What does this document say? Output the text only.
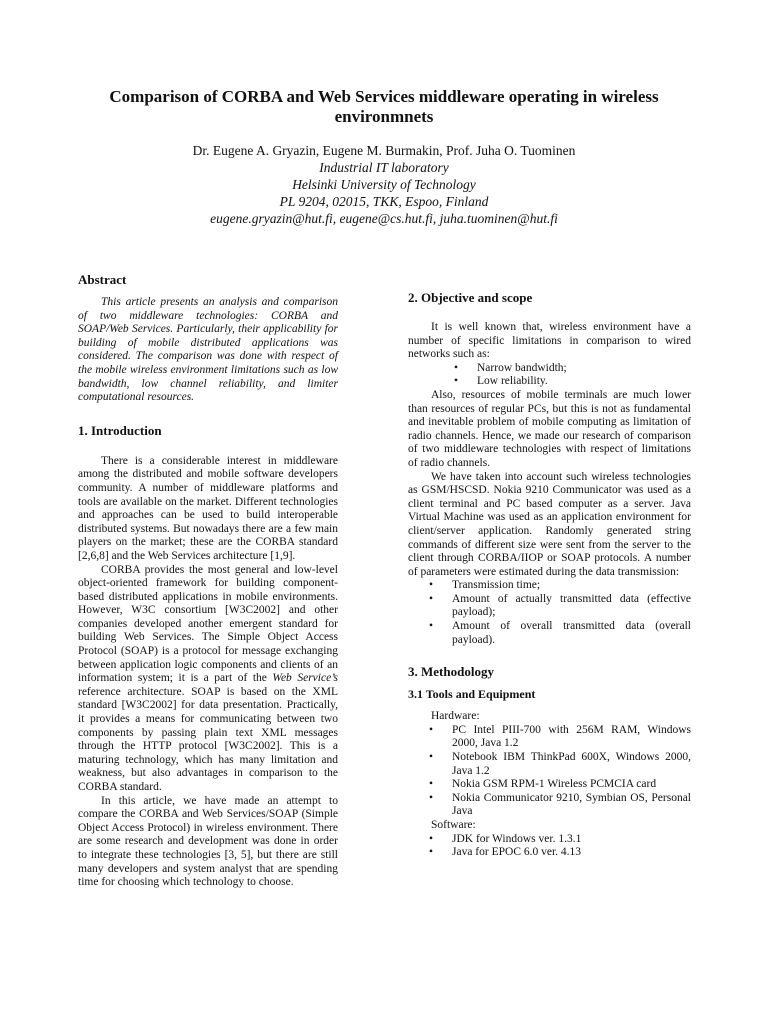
Comparison of CORBA and Web Services middleware operating in wireless environmnets
Dr. Eugene A. Gryazin, Eugene M. Burmakin, Prof. Juha O. Tuominen
Industrial IT laboratory
Helsinki University of Technology
PL 9204, 02015, TKK, Espoo, Finland
eugene.gryazin@hut.fi, eugene@cs.hut.fi, juha.tuominen@hut.fi
Abstract

This article presents an analysis and comparison of two middleware technologies: CORBA and SOAP/Web Services. Particularly, their applicability for building of mobile distributed applications was considered. The comparison was done with respect of the mobile wireless environment limitations such as low bandwidth, low channel reliability, and limiter computational resources.

1. Introduction

There is a considerable interest in middleware among the distributed and mobile software developers community. A number of middleware platforms and tools are available on the market. Different technologies and approaches can be used to build interoperable distributed systems. But nowadays there are a few main players on the market; these are the CORBA standard [2,6,8] and the Web Services architecture [1,9].

CORBA provides the most general and low-level object-oriented framework for building component-based distributed applications in mobile environments. However, W3C consortium [W3C2002] and other companies developed another emergent standard for building Web Services. The Simple Object Access Protocol (SOAP) is a protocol for message exchanging between application logic components and clients of an information system; it is a part of the Web Service’s reference architecture. SOAP is based on the XML standard [W3C2002] for data presentation. Practically, it provides a means for communicating between two components by passing plain text XML messages through the HTTP protocol [W3C2002]. This is a maturing technology, which has many limitation and weakness, but also advantages in comparison to the CORBA standard.

In this article, we have made an attempt to compare the CORBA and Web Services/SOAP (Simple Object Access Protocol) in wireless environment. There are some research and development was done in order to integrate these technologies [3, 5], but there are still many developers and system analyst that are spending time for choosing which technology to choose.

2. Objective and scope

It is well known that, wireless environment have a number of specific limitations in comparison to wired networks such as:

• Narrow bandwidth;
• Low reliability.

Also, resources of mobile terminals are much lower than resources of regular PCs, but this is not as fundamental and inevitable problem of mobile computing as limitation of radio channels. Hence, we made our research of comparison of two middleware technologies with respect of limitations of radio channels.

We have taken into account such wireless technologies as GSM/HSCSD. Nokia 9210 Communicator was used as a client terminal and PC based computer as a server. Java Virtual Machine was used as an application environment for client/server application. Randomly generated string commands of different size were sent from the server to the client through CORBA/IIOP or SOAP protocols. A number of parameters were estimated during the data transmission:

• Transmission time;
• Amount of actually transmitted data (effective payload);
• Amount of overall transmitted data (overall payload).
3. Methodology
3.1 Tools and Equipment

Hardware:

• PC Intel PIII-700 with 256M RAM, Windows 2000, Java 1.2
• Notebook IBM ThinkPad 600X, Windows 2000, Java 1.2
• Nokia GSM RPM-1 Wireless PCMCIA card
• Nokia Communicator 9210, Symbian OS, Personal Java

Software:

• JDK for Windows ver. 1.3.1
• Java for EPOC 6.0 ver. 4.13
